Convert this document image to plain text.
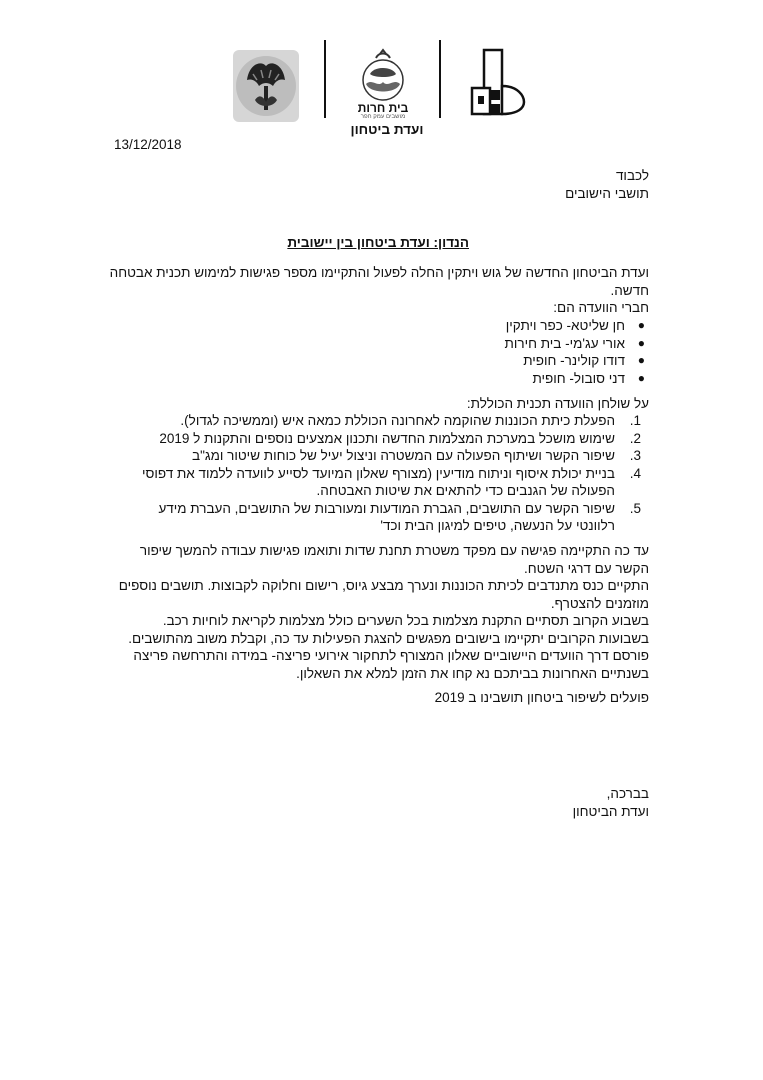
בית חרות
מושבים עמק חפר
ועדת ביטחון
13/12/2018
לכבוד
תושבי הישובים
הנדון: ועדת ביטחון בין יישובית
ועדת הביטחון החדשה של גוש ויתקין החלה לפעול והתקיימו מספר פגישות למימוש תכנית אבטחה
חדשה.
חברי הוועדה הם:
●
חן שליטא- כפר ויתקין
●
אורי עג'מי- בית חירות
●
דודו קולינר- חופית
●
דני סובול- חופית
על שולחן הוועדה תכנית הכוללת:
1.
הפעלת כיתת הכוננות שהוקמה לאחרונה הכוללת כמאה איש (וממשיכה לגדול).
2.
שימוש מושכל במערכת המצלמות החדשה ותכנון אמצעים נוספים והתקנות ל 2019
3.
שיפור הקשר ושיתוף הפעולה עם המשטרה וניצול יעיל של כוחות שיטור ומג"ב
4.
בניית יכולת איסוף וניתוח מודיעין (מצורף שאלון המיועד לסייע לוועדה ללמוד את דפוסי
הפעולה של הגנבים כדי להתאים את שיטות האבטחה.
5.
שיפור הקשר עם התושבים, הגברת המודעות ומעורבות של התושבים, העברת מידע
רלוונטי על הנעשה, טיפים למיגון הבית וכד'
עד כה התקיימה פגישה עם מפקד משטרת תחנת שדות ותואמו פגישות עבודה להמשך שיפור
הקשר עם דרגי השטח.
התקיים כנס מתנדבים לכיתת הכוננות ונערך מבצע גיוס, רישום וחלוקה לקבוצות. תושבים נוספים
מוזמנים להצטרף.
בשבוע הקרוב תסתיים התקנת מצלמות בכל השערים כולל מצלמות לקריאת לוחיות רכב.
בשבועות הקרובים יתקיימו בישובים מפגשים להצגת הפעילות עד כה, וקבלת משוב מהתושבים.
פורסם דרך הוועדים היישוביים שאלון המצורף לתחקור אירועי פריצה- במידה והתרחשה פריצה
בשנתיים האחרונות בביתכם נא קחו את הזמן למלא את השאלון.
פועלים לשיפור ביטחון תושבינו ב 2019
בברכה,
ועדת הביטחון
